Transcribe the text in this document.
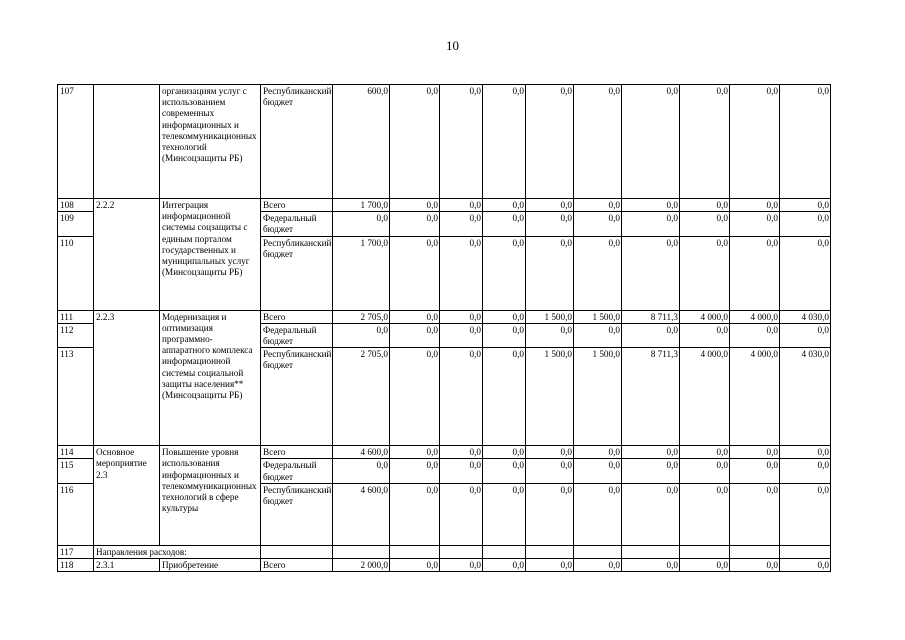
10
107		организациям услуг с использованием современных информационных и телекоммуникационных технологий (Минсоцзащиты РБ)	Республиканский бюджет	600,0	0,0	0,0	0,0	0,0	0,0	0,0	0,0	0,0	0,0
108	2.2.2	Интеграция информационной системы соцзащиты с единым порталом государственных и муниципальных услуг (Минсоцзащиты РБ)	Всего	1 700,0	0,0	0,0	0,0	0,0	0,0	0,0	0,0	0,0	0,0
109			Федеральный бюджет	0,0	0,0	0,0	0,0	0,0	0,0	0,0	0,0	0,0	0,0
110			Республиканский бюджет	1 700,0	0,0	0,0	0,0	0,0	0,0	0,0	0,0	0,0	0,0
111	2.2.3	Модернизация и оптимизация программно-аппаратного комплекса информационной системы социальной защиты населения** (Минсоцзащиты РБ)	Всего	2 705,0	0,0	0,0	0,0	1 500,0	1 500,0	8 711,3	4 000,0	4 000,0	4 030,0
112			Федеральный бюджет	0,0	0,0	0,0	0,0	0,0	0,0	0,0	0,0	0,0	0,0
113			Республиканский бюджет	2 705,0	0,0	0,0	0,0	1 500,0	1 500,0	8 711,3	4 000,0	4 000,0	4 030,0
114	Основное мероприятие 2.3	Повышение уровня использования информационных и телекоммуникационных технологий в сфере культуры	Всего	4 600,0	0,0	0,0	0,0	0,0	0,0	0,0	0,0	0,0	0,0
115			Федеральный бюджет	0,0	0,0	0,0	0,0	0,0	0,0	0,0	0,0	0,0	0,0
116			Республиканский бюджет	4 600,0	0,0	0,0	0,0	0,0	0,0	0,0	0,0	0,0	0,0
117	Направления расходов:												
118	2.3.1	Приобретение	Всего	2 000,0	0,0	0,0	0,0	0,0	0,0	0,0	0,0	0,0	0,0
